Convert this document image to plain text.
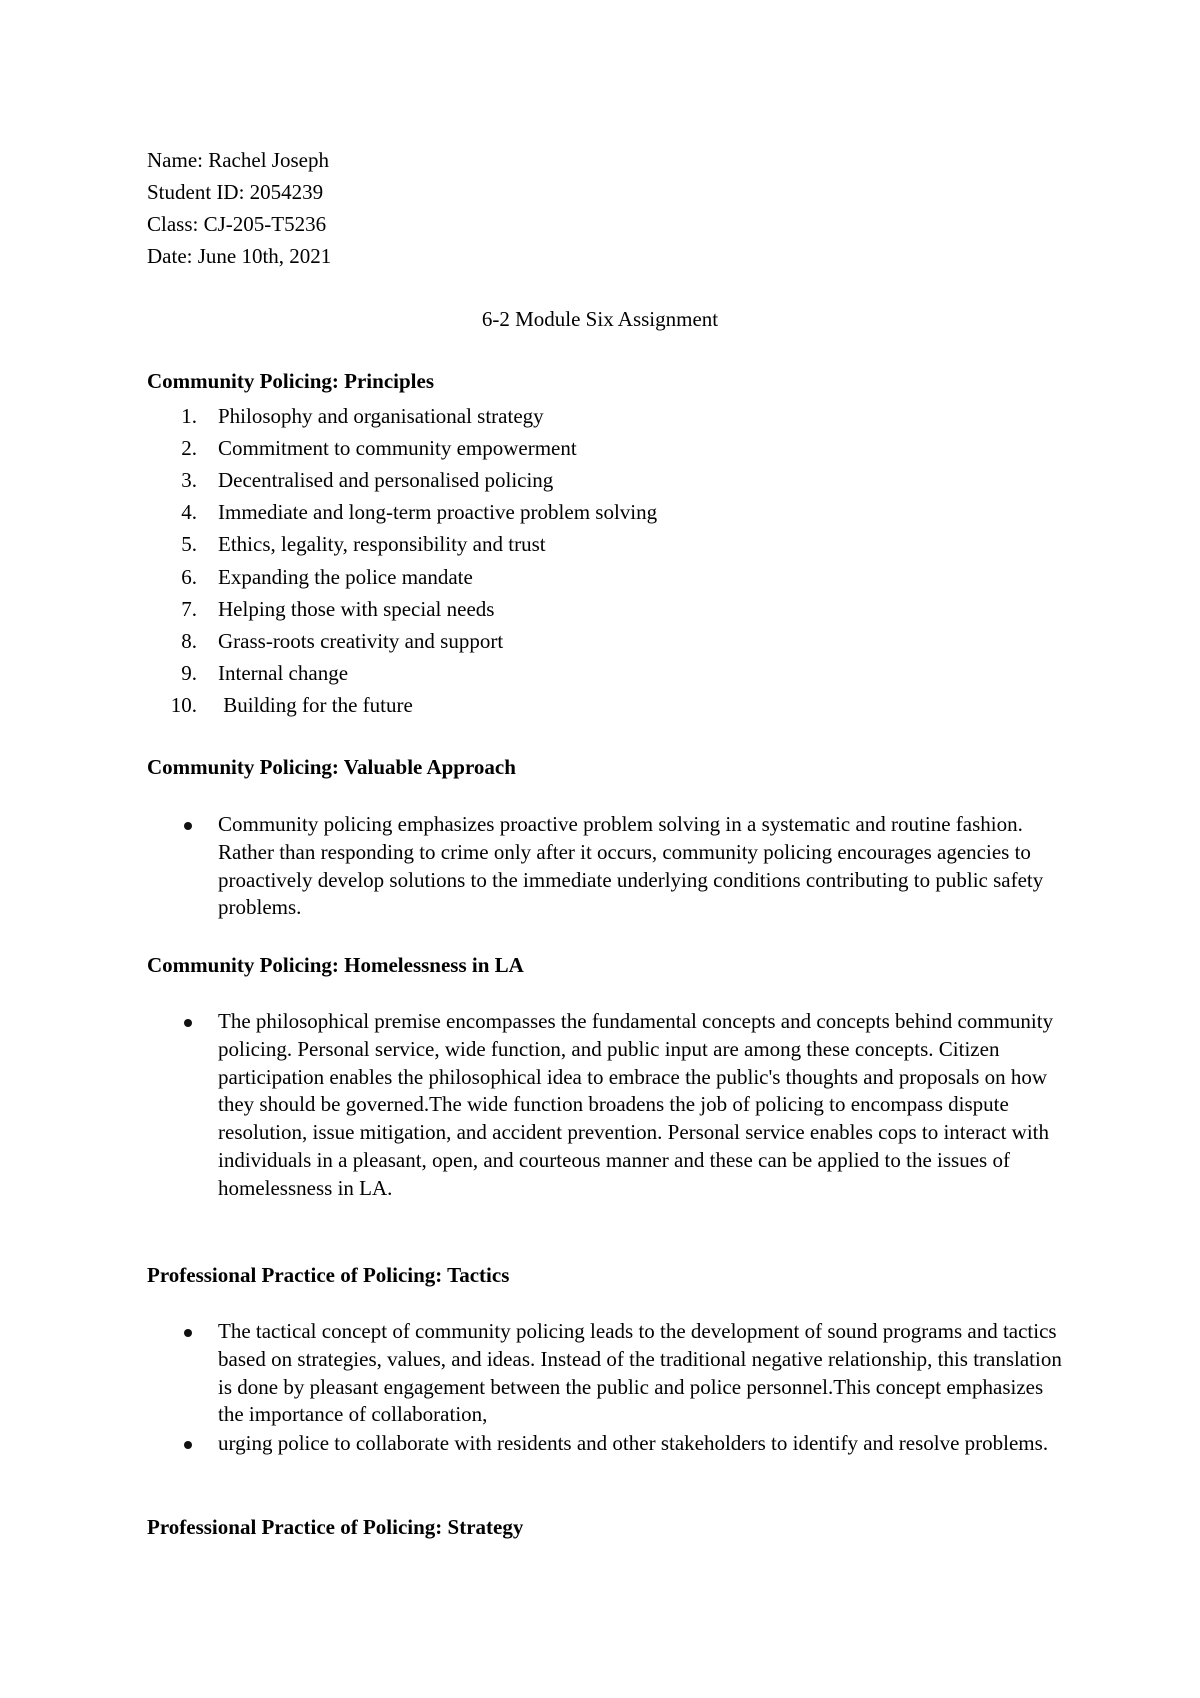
Name: Rachel Joseph
Student ID: 2054239
Class: CJ-205-T5236
Date: June 10th, 2021
6-2 Module Six Assignment
Community Policing: Principles
1. Philosophy and organisational strategy
2. Commitment to community empowerment
3. Decentralised and personalised policing
4. Immediate and long-term proactive problem solving
5. Ethics, legality, responsibility and trust
6. Expanding the police mandate
7. Helping those with special needs
8. Grass-roots creativity and support
9. Internal change
10. Building for the future
Community Policing: Valuable Approach
Community policing emphasizes proactive problem solving in a systematic and routine fashion. Rather than responding to crime only after it occurs, community policing encourages agencies to proactively develop solutions to the immediate underlying conditions contributing to public safety problems.
Community Policing: Homelessness in LA
The philosophical premise encompasses the fundamental concepts and concepts behind community policing. Personal service, wide function, and public input are among these concepts. Citizen participation enables the philosophical idea to embrace the public's thoughts and proposals on how they should be governed.The wide function broadens the job of policing to encompass dispute resolution, issue mitigation, and accident prevention. Personal service enables cops to interact with individuals in a pleasant, open, and courteous manner and these can be applied to the issues of homelessness in LA.
Professional Practice of Policing: Tactics
The tactical concept of community policing leads to the development of sound programs and tactics based on strategies, values, and ideas. Instead of the traditional negative relationship, this translation is done by pleasant engagement between the public and police personnel.This concept emphasizes the importance of collaboration,
urging police to collaborate with residents and other stakeholders to identify and resolve problems.
Professional Practice of Policing: Strategy
